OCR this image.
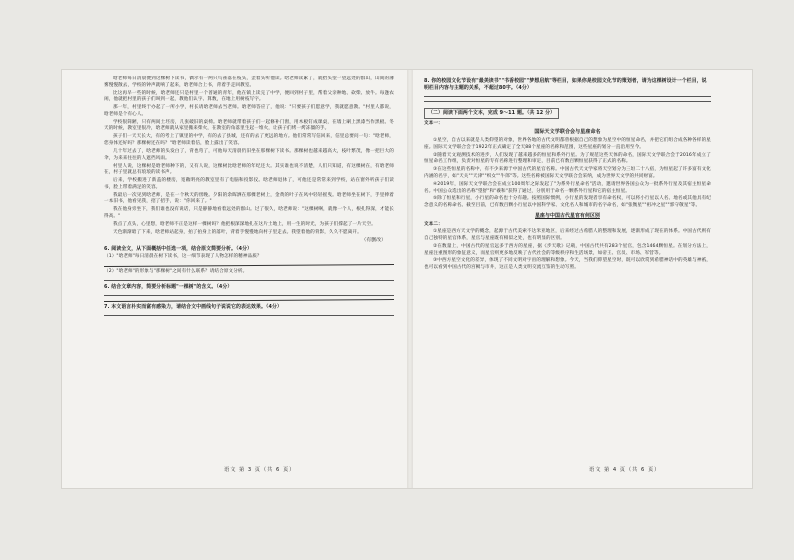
晗老师每日清晨便到这棵树下读书，偶尔有一两只鸟雀落在枝头，歪着头听他读。晗老师读累了，就抬头望一望远处的群山，山间的薄雾慢慢散去，学校的钟声就响了起来，晗老师合上书，背着手走回教室。

比这再早一些的时候，晗老师还只是村里一个普通的青年，他在镇上读完了中学，便回到村子里，帮着父亲种地、砍柴、放牛。每逢农闲，他就把村里的孩子们叫到一起，教他们认字、算数，在地上用树枝写字。

那一年，村里终于办起了一所小学，村长请晗老师去当老师。晗老师答应了，他说："只要孩子们愿意学，我就愿意教。"村里人都说，晗老师是个有心人。

学校很简陋，只有两间土坯房，几张破旧的桌椅。晗老师就带着孩子们一起修补门窗，用木板钉成课桌，在墙上刷上黑漆当作黑板。冬天的时候，教室里很冷，晗老师就从家里搬来柴火，在教室的角落里生起一堆火，让孩子们烤一烤冻僵的手。

孩子们一天天长大，有的考上了镇里的中学，有的去了县城，还有的去了更远的地方。他们常常写信回来，信里总要问一句："晗老师，您身体还好吗？那棵树还在吗？"晗老师读着信，脸上露出了笑容。

几十年过去了，晗老师的头发白了，背也弯了，可他每天清晨仍旧坐在那棵树下读书。那棵树也越来越高大，枝叶繁茂，像一把巨大的伞，为来来往往的人遮挡风雨。

村里人说，这棵树是晗老师种下的，又有人说，这棵树比晗老师的年纪还大。其实谁也说不清楚，人们只知道，有这棵树在，有晗老师在，村子里就总有琅琅的读书声。

后来，学校搬进了新盖的楼房，宽敞明亮的教室里有了电脑和投影仪。晗老师退休了，可他还是常常来到学校，站在窗外听孩子们读书，脸上带着满足的笑容。

我最后一次见到晗老师，是在一个秋天的傍晚。夕阳的余晖洒在那棵老树上，金黄的叶子在风中轻轻摇曳。晗老师坐在树下，手里捧着一本旧书，他看见我，招了招手，说："你回来了。"

我在他身旁坐下，我们谁也没有说话，只是静静地看着远处的群山。过了很久，晗老师说："这棵树啊，就像一个人，根扎得深，才能长得高。"

我点了点头，心里想，晗老师不正是这样一棵树吗？他把根深深地扎在这片土地上，用一生的时光，为孩子们撑起了一片天空。

天色渐渐暗了下来，晗老师站起身，拍了拍身上的落叶，背着手慢慢地向村子里走去。我望着他的背影，久久不愿离开。

（有删改）

6. 阅读全文，从下面概括中任选一项，结合原文简要分析。（4分）

（1）"晗老师"每日清晨在树下读书，这一细节表现了人物怎样的精神品质？

（2）"晗老师"的形象与"那棵树"之间有什么联系？请结合原文分析。

6. 结合文章内容，简要分析标题"一棵树"的含义。（4分）

7. 本文语言朴实而富有感染力，请结合文中画线句子说说它的表达效果。（4分）

语文 第 3 页（共 6 页）

8. 你的校园文化节设有"最美读书""书香校园""梦想启航"等栏目，如果你是校园文化节的策划者，请为这棵树设计一个栏目，说明栏目内容与主题的关系，不超过80字。（4分）

（二）阅读下面两个文本，完成 9～11 题。（共 12 分）
文本一：
国际天文学联合会与星座命名

①星空，自古以来就是人类仰望的对象，世界各地的古代文明都曾根据自己的想象为星空中的恒星命名，并把它们组合成各种各样的星座。国际天文学联合会于1922年正式确定了全天88个星座的名称和范围，这些星座的划分一直沿用至今。

②随着天文观测技术的进步，人们发现了越来越多的恒星和系外行星。为了规范这些天体的命名，国际天文学联合会于2016年成立了恒星命名工作组，负责对恒星的专有名称进行整理和审定，目前已有数百颗恒星获得了正式的名称。

③在这些恒星的名称中，有不少来源于中国古代的星官名称。中国古代天文学家将天空划分为三垣二十八宿，为恒星起了许多富有文化内涵的名字，如"天关""天津""织女""牛郎"等。这些名称被国际天文学联合会采纳，成为世界天文学的共同财富。

④2019年，国际天文学联合会在成立100周年之际发起了"为系外行星命名"活动，邀请世界各国公众为一批系外行星及其宿主恒星命名。中国公众选出的名称"望舒"和"羲和"获得了通过，分别用于命名一颗系外行星和它的宿主恒星。

⑤除了恒星和行星，小行星的命名也十分有趣。按照国际惯例，小行星的发现者享有命名权，可以将小行星以人名、地名或其他具有纪念意义的名称命名。截至目前，已有数百颗小行星以中国科学家、文化名人和城市的名字命名，如"张衡星""祖冲之星""郭守敬星"等。

星座与中国古代星官有何区别
文本二：

①星座是西方天文学的概念，起源于古代美索不达米亚地区，后来经过古希腊人的整理和发展，逐渐形成了现在的体系。中国古代则有自己独特的星官体系，星官与星座既有相似之处，也有明显的区别。

②在数量上，中国古代的星官远多于西方的星座，据《步天歌》记载，中国古代共有283个星官，包含1464颗恒星。在划分方法上，星座注重图形的象征意义，而星官则更多地反映了古代社会的等级秩序和生活场景，如帝王、官员、市场、军营等。

③中西方星空文化的差异，体现了不同文明对宇宙的理解和想象。今天，当我们仰望星空时，既可以欣赏到希腊神话中的英雄与神祇，也可以看到中国古代的宫阙与市井，这正是人类文明交流互鉴的生动写照。

语文 第 4 页（共 6 页）
